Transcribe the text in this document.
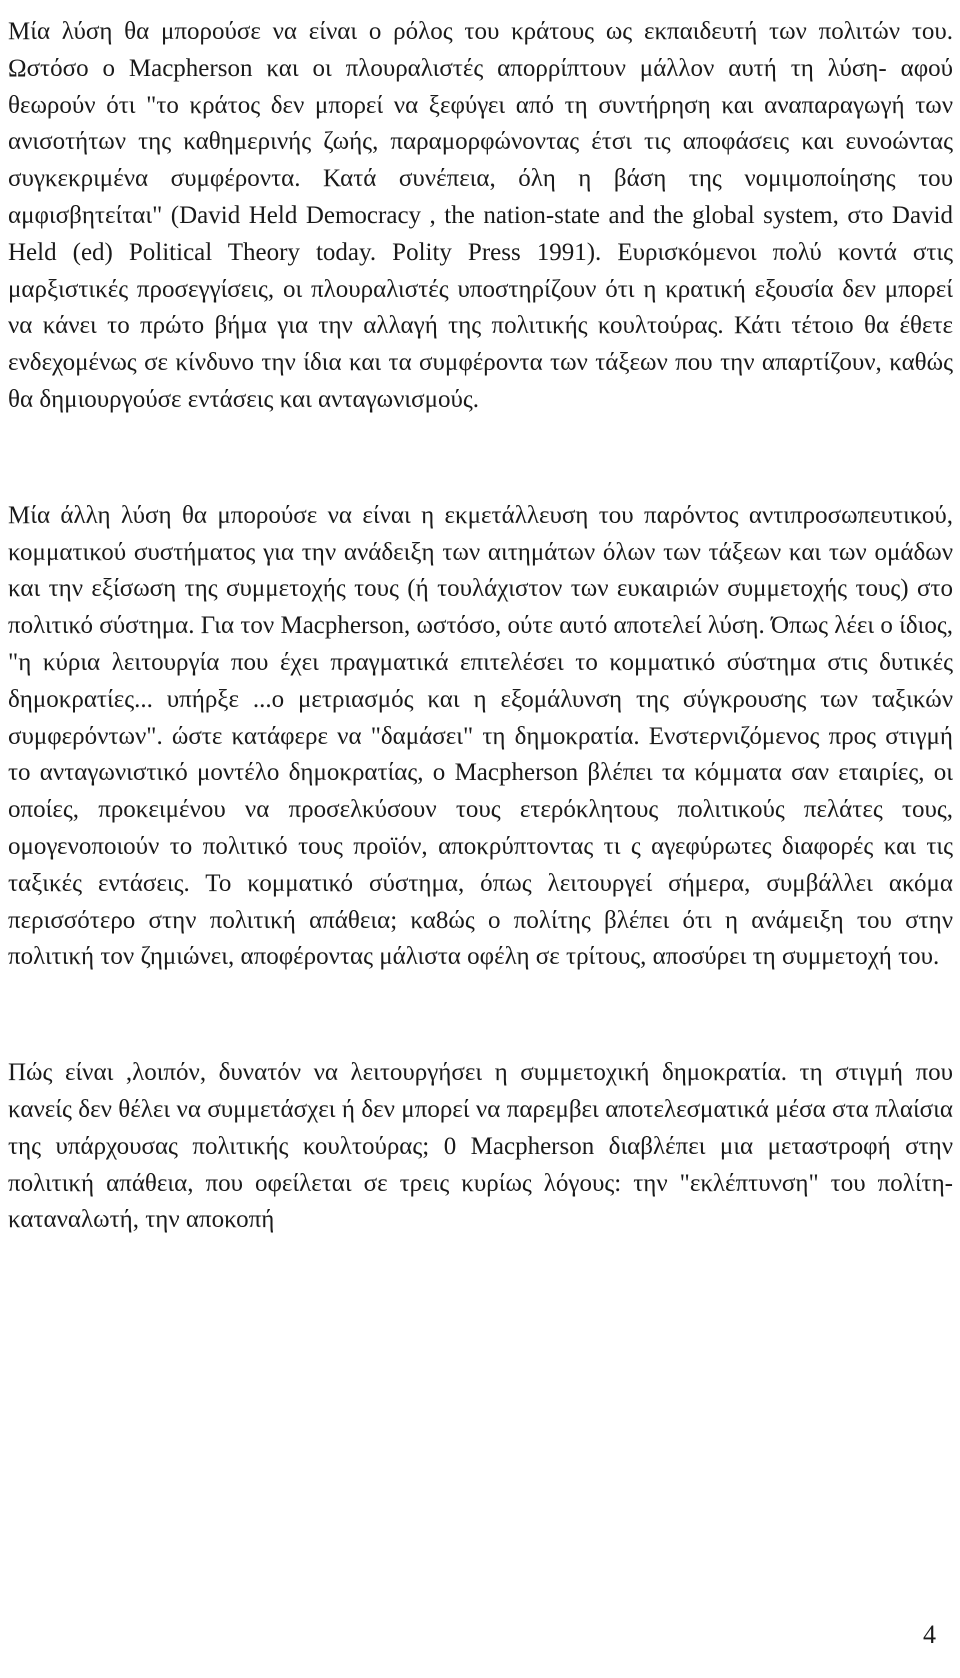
Μία λύση θα μπορούσε να είναι ο ρόλος του κράτους ως εκπαιδευτή των πολιτών του. Ωστόσο ο Macpherson και οι πλουραλιστές απορρίπτουν μάλλον αυτή τη λύση- αφού θεωρούν ότι "το κράτος δεν μπορεί να ξεφύγει από τη συντήρηση και αναπαραγωγή των ανισοτήτων της καθημερινής ζωής, παραμορφώνοντας έτσι τις αποφάσεις και ευνοώντας συγκεκριμένα συμφέροντα. Κατά συνέπεια, όλη η βάση της νομιμοποίησης του αμφισβητείται" (David Held Democracy , the nation-state and the global system, στο David Held (ed) Political Theory today. Polity Press 1991). Ευρισκόμενοι πολύ κοντά στις μαρξιστικές προσεγγίσεις, οι πλουραλιστές υποστηρίζουν ότι η κρατική εξουσία δεν μπορεί να κάνει το πρώτο βήμα για την αλλαγή της πολιτικής κουλτούρας. Κάτι τέτοιο θα έθετε ενδεχομένως σε κίνδυνο την ίδια και τα συμφέροντα των τάξεων που την απαρτίζουν, καθώς θα δημιουργούσε εντάσεις και ανταγωνισμούς.

Μία άλλη λύση θα μπορούσε να είναι η εκμετάλλευση του παρόντος αντιπροσωπευτικού, κομματικού συστήματος για την ανάδειξη των αιτημάτων όλων των τάξεων και των ομάδων και την εξίσωση της συμμετοχής τους (ή τουλάχιστον των ευκαιριών συμμετοχής τους) στο πολιτικό σύστημα. Για τον Macpherson, ωστόσο, ούτε αυτό αποτελεί λύση. Όπως λέει ο ίδιος, "η κύρια λειτουργία που έχει πραγματικά επιτελέσει το κομματικό σύστημα στις δυτικές δημοκρατίες... υπήρξε ...ο μετριασμός και η εξομάλυνση της σύγκρουσης των ταξικών συμφερόντων". ώστε κατάφερε να "δαμάσει" τη δημοκρατία. Ενστερνιζόμενος προς στιγμή το ανταγωνιστικό μοντέλο δημοκρατίας, ο Macpherson βλέπει τα κόμματα σαν εταιρίες, οι οποίες, προκειμένου να προσελκύσουν τους ετερόκλητους πολιτικούς πελάτες τους, ομογενοποιούν το πολιτικό τους προϊόν, αποκρύπτοντας τι ς αγεφύρωτες διαφορές και τις ταξικές εντάσεις. Το κομματικό σύστημα, όπως λειτουργεί σήμερα, συμβάλλει ακόμα περισσότερο στην πολιτική απάθεια; κα8ώς ο πολίτης βλέπει ότι η ανάμειξη του στην πολιτική τον ζημιώνει, αποφέροντας μάλιστα οφέλη σε τρίτους, αποσύρει τη συμμετοχή του.

Πώς είναι ,λοιπόν, δυνατόν να λειτουργήσει η συμμετοχική δημοκρατία. τη στιγμή που κανείς δεν θέλει να συμμετάσχει ή δεν μπορεί να παρεμβει αποτελεσματικά μέσα στα πλαίσια της υπάρχουσας πολιτικής κουλτούρας; 0 Macpherson διαβλέπει μια μεταστροφή στην πολιτική απάθεια, που οφείλεται σε τρεις κυρίως λόγους: την "εκλέπτυνση" του πολίτη-καταναλωτή, την αποκοπή

4
